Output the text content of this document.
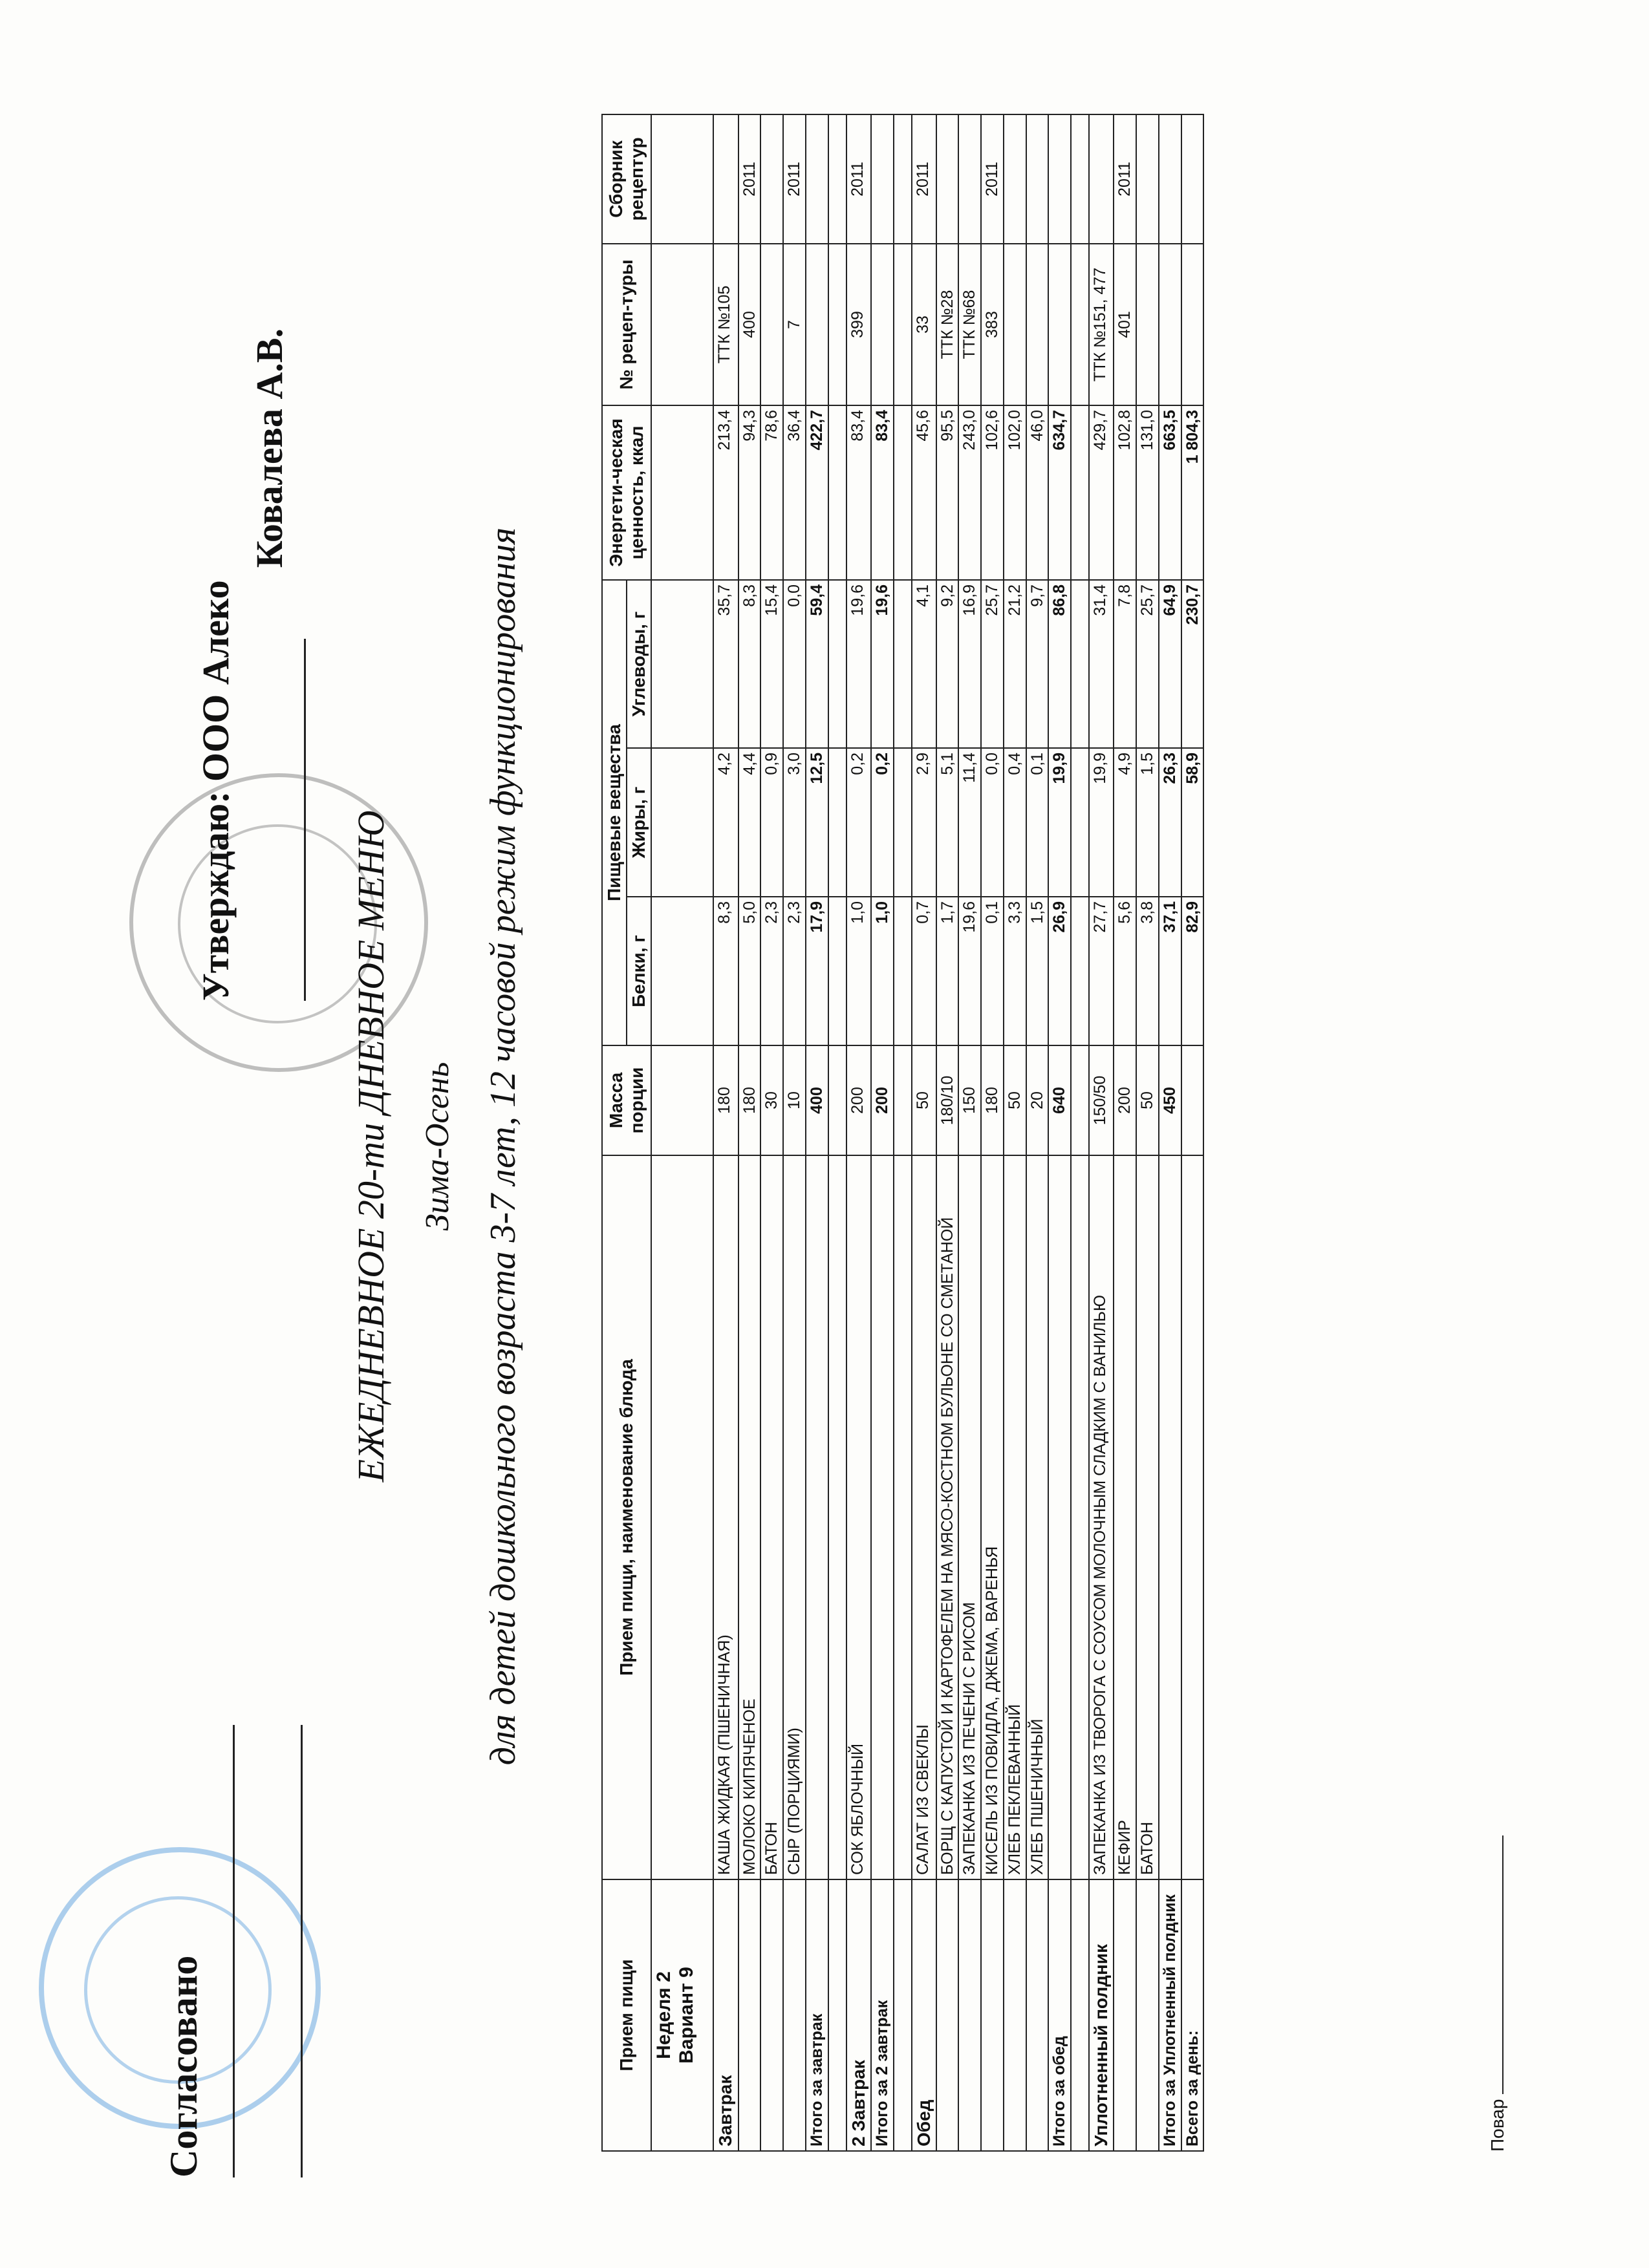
Согласовано
Утверждаю: ООО Алеко
Ковалева А.В.
ЕЖЕДНЕВНОЕ 20-ти ДНЕВНОЕ МЕНЮ Зима-Осень для детей дошкольного возраста 3-7 лет, 12 часовой режим функционирования
Прием пищи	Прием пищи, наименование блюда	Масса порции	Пищевые вещества			Энергети-ческая ценность, ккал	№ рецеп-туры	Сборник рецептур
			Белки, г	Жиры, г	Углеводы, г			
Неделя 2
Вариант 9								
Завтрак	КАША ЖИДКАЯ (ПШЕНИЧНАЯ)	180	8,3	4,2	35,7	213,4	ТТК №105	
	МОЛОКО КИПЯЧЕНОЕ	180	5,0	4,4	8,3	94,3	400	2011
	БАТОН	30	2,3	0,9	15,4	78,6		
	СЫР (ПОРЦИЯМИ)	10	2,3	3,0	0,0	36,4	7	2011
Итого за завтрак		400	17,9	12,5	59,4	422,7		

2 Завтрак	СОК ЯБЛОЧНЫЙ	200	1,0	0,2	19,6	83,4	399	2011
Итого за 2 завтрак		200	1,0	0,2	19,6	83,4		

Обед	САЛАТ ИЗ СВЕКЛЫ	50	0,7	2,9	4,1	45,6	33	2011
	БОРЩ С КАПУСТОЙ И КАРТОФЕЛЕМ НА МЯСО-КОСТНОМ БУЛЬОНЕ СО СМЕТАНОЙ	180/10	1,7	5,1	9,2	95,5	ТТК №28	
	ЗАПЕКАНКА ИЗ ПЕЧЕНИ С РИСОМ	150	19,6	11,4	16,9	243,0	ТТК №68	
	КИСЕЛЬ ИЗ ПОВИДЛА, ДЖЕМА, ВАРЕНЬЯ	180	0,1	0,0	25,7	102,6	383	2011
	ХЛЕБ ПЕКЛЕВАННЫЙ	50	3,3	0,4	21,2	102,0		
	ХЛЕБ ПШЕНИЧНЫЙ	20	1,5	0,1	9,7	46,0		
Итого за обед		640	26,9	19,9	86,8	634,7		

Уплотненный полдник	ЗАПЕКАНКА ИЗ ТВОРОГА С СОУСОМ МОЛОЧНЫМ СЛАДКИМ С ВАНИЛЬЮ	150/50	27,7	19,9	31,4	429,7	ТТК №151, 477	
	КЕФИР	200	5,6	4,9	7,8	102,8	401	2011
	БАТОН	50	3,8	1,5	25,7	131,0		
Итого за Уплотненный полдник		450	37,1	26,3	64,9	663,5		
Всего за день:			82,9	58,9	230,7	1 804,3		
Повар
